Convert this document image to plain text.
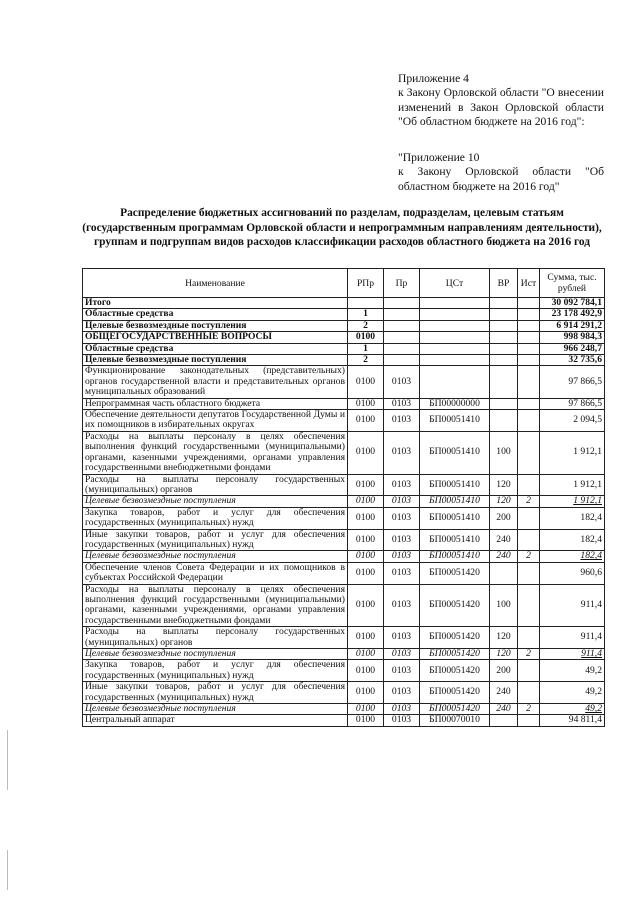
Приложение 4

к Закону Орловской области "О внесении изменений в Закон Орловской области "Об областном бюджете на 2016 год":

"Приложение 10

к Закону Орловской области "Об областном бюджете на 2016 год"

Распределение бюджетных ассигнований по разделам, подразделам, целевым статьям (государственным программам Орловской области и непрограммным направлениям деятельности), группам и подгруппам видов расходов классификации расходов областного бюджета на 2016 год
Наименование	РПр	Пр	ЦСт	ВР	Ист	Сумма, тыс. рублей
Итого						30 092 784,1
Областные средства	1					23 178 492,9
Целевые безвозмездные поступления	2					6 914 291,2
ОБЩЕГОСУДАРСТВЕННЫЕ ВОПРОСЫ	0100					998 984,3
Областные средства	1					966 248,7
Целевые безвозмездные поступления	2					32 735,6
Функционирование законодательных (представительных) органов государственной власти и представительных органов муниципальных образований	0100	0103				97 866,5
Непрограммная часть областного бюджета	0100	0103	БП00000000			97 866,5
Обеспечение деятельности депутатов Государственной Думы и их помощников в избирательных округах	0100	0103	БП00051410			2 094,5
Расходы на выплаты персоналу в целях обеспечения выполнения функций государственными (муниципальными) органами, казенными учреждениями, органами управления государственными внебюджетными фондами	0100	0103	БП00051410	100		1 912,1
Расходы на выплаты персоналу государственных (муниципальных) органов	0100	0103	БП00051410	120		1 912,1
Целевые безвозмездные поступления	0100	0103	БП00051410	120	2	1 912,1
Закупка товаров, работ и услуг для обеспечения государственных (муниципальных) нужд	0100	0103	БП00051410	200		182,4
Иные закупки товаров, работ и услуг для обеспечения государственных (муниципальных) нужд	0100	0103	БП00051410	240		182,4
Целевые безвозмездные поступления	0100	0103	БП00051410	240	2	182,4
Обеспечение членов Совета Федерации и их помощников в субъектах Российской Федерации	0100	0103	БП00051420			960,6
Расходы на выплаты персоналу в целях обеспечения выполнения функций государственными (муниципальными) органами, казенными учреждениями, органами управления государственными внебюджетными фондами	0100	0103	БП00051420	100		911,4
Расходы на выплаты персоналу государственных (муниципальных) органов	0100	0103	БП00051420	120		911,4
Целевые безвозмездные поступления	0100	0103	БП00051420	120	2	911,4
Закупка товаров, работ и услуг для обеспечения государственных (муниципальных) нужд	0100	0103	БП00051420	200		49,2
Иные закупки товаров, работ и услуг для обеспечения государственных (муниципальных) нужд	0100	0103	БП00051420	240		49,2
Целевые безвозмездные поступления	0100	0103	БП00051420	240	2	49,2
Центральный аппарат	0100	0103	БП00070010			94 811,4
